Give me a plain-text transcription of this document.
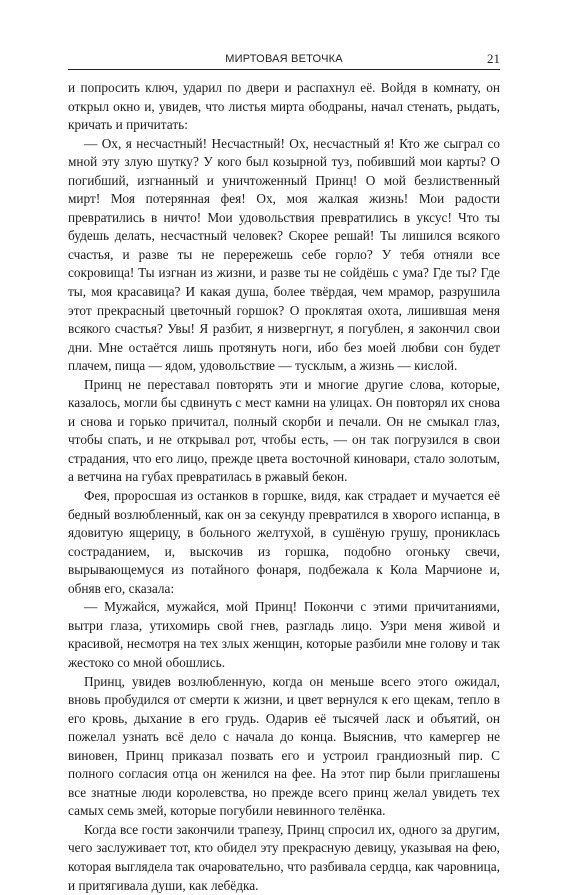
МИРТОВАЯ ВЕТОЧКА	21

и попросить ключ, ударил по двери и распахнул её. Войдя в комнату, он открыл окно и, увидев, что листья мирта ободраны, начал стенать, рыдать, кричать и причитать:

— Ох, я несчастный! Несчастный! Ох, несчастный я! Кто же сыграл со мной эту злую шутку? У кого был козырной туз, побивший мои карты? О погибший, изгнанный и уничтоженный Принц! О мой безлиственный мирт! Моя потерянная фея! Ох, моя жалкая жизнь! Мои радости превратились в ничто! Мои удовольствия превратились в уксус! Что ты будешь делать, несчастный человек? Скорее решай! Ты лишился всякого счастья, и разве ты не перережешь себе горло? У тебя отняли все сокровища! Ты изгнан из жизни, и разве ты не сойдёшь с ума? Где ты? Где ты, моя красавица? И какая душа, более твёрдая, чем мрамор, разрушила этот прекрасный цветочный горшок? О проклятая охота, лишившая меня всякого счастья? Увы! Я разбит, я низвергнут, я погублен, я закончил свои дни. Мне остаётся лишь протянуть ноги, ибо без моей любви сон будет плачем, пища — ядом, удовольствие — тусклым, а жизнь — кислой.

Принц не переставал повторять эти и многие другие слова, которые, казалось, могли бы сдвинуть с мест камни на улицах. Он повторял их снова и снова и горько причитал, полный скорби и печали. Он не смыкал глаз, чтобы спать, и не открывал рот, чтобы есть, — он так погрузился в свои страдания, что его лицо, прежде цвета восточной киновари, стало золотым, а ветчина на губах превратилась в ржавый бекон.

Фея, проросшая из останков в горшке, видя, как страдает и мучается её бедный возлюбленный, как он за секунду превратился в хворого испанца, в ядовитую ящерицу, в больного желтухой, в сушёную грушу, прониклась состраданием, и, выскочив из горшка, подобно огоньку свечи, вырывающемуся из потайного фонаря, подбежала к Кола Марчионе и, обняв его, сказала:

— Мужайся, мужайся, мой Принц! Покончи с этими причитаниями, вытри глаза, утихомирь свой гнев, разгладь лицо. Узри меня живой и красивой, несмотря на тех злых женщин, которые разбили мне голову и так жестоко со мной обошлись.

Принц, увидев возлюбленную, когда он меньше всего этого ожидал, вновь пробудился от смерти к жизни, и цвет вернулся к его щекам, тепло в его кровь, дыхание в его грудь. Одарив её тысячей ласк и объятий, он пожелал узнать всё дело с начала до конца. Выяснив, что камергер не виновен, Принц приказал позвать его и устроил грандиозный пир. С полного согласия отца он женился на фее. На этот пир были приглашены все знатные люди королевства, но прежде всего принц желал увидеть тех самых семь змей, которые погубили невинного телёнка.

Когда все гости закончили трапезу, Принц спросил их, одного за другим, чего заслуживает тот, кто обидел эту прекрасную девицу, указывая на фею, которая выглядела так очаровательно, что разбивала сердца, как чаровница, и притягивала души, как лебёдка.
